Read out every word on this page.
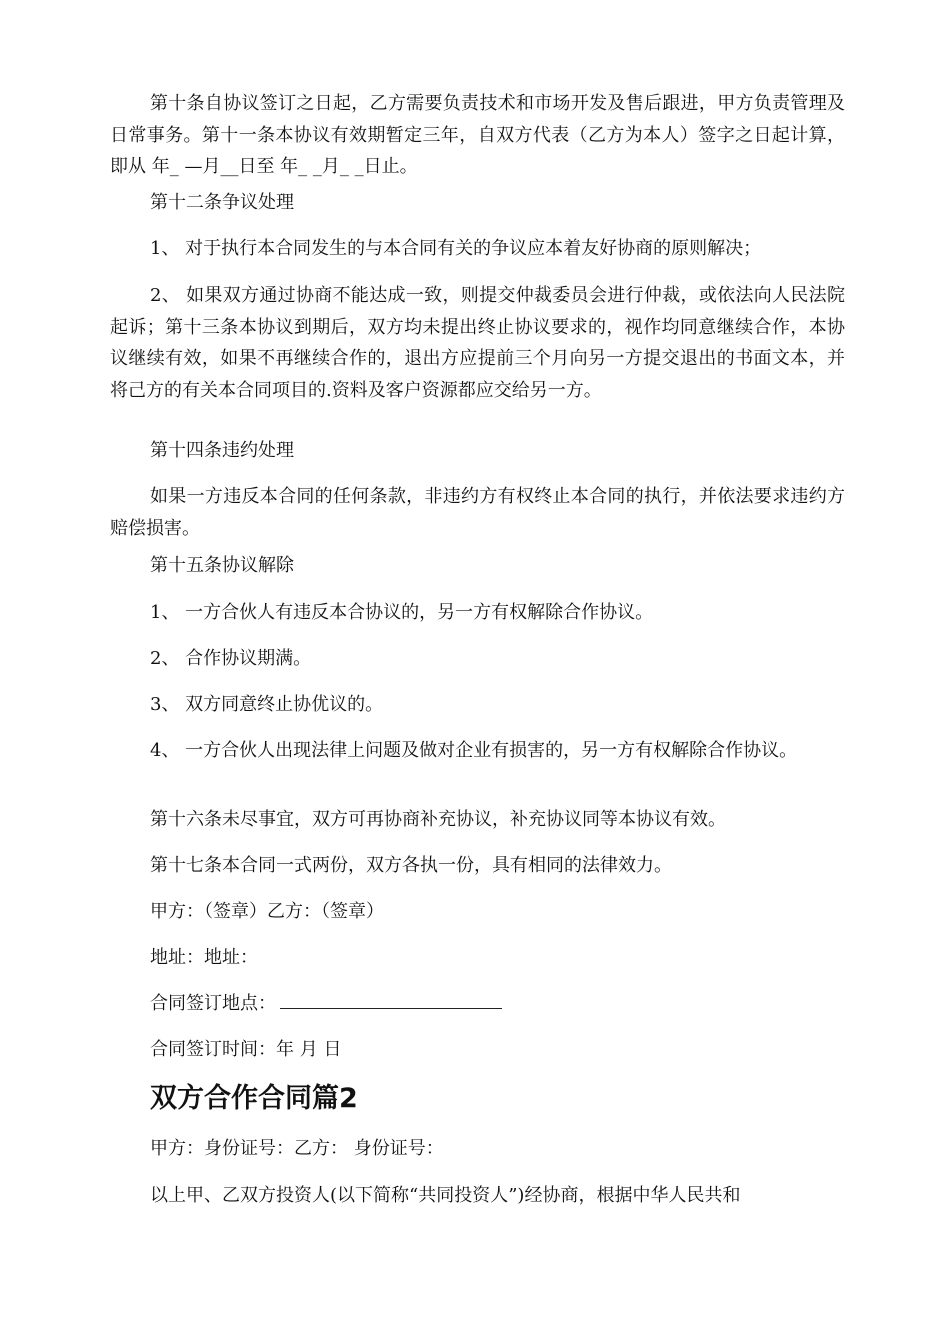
第十条自协议签订之日起，乙方需要负责技术和市场开发及售后跟进，甲方负责管理及日常事务。第十一条本协议有效期暂定三年，自双方代表（乙方为本人）签字之日起计算，即从 年_ —月__日至 年_ _月_ _日止。
第十二条争议处理
1、 对于执行本合同发生的与本合同有关的争议应本着友好协商的原则解决；
2、 如果双方通过协商不能达成一致，则提交仲裁委员会进行仲裁，或依法向人民法院起诉；第十三条本协议到期后，双方均未提出终止协议要求的，视作均同意继续合作，本协议继续有效，如果不再继续合作的，退出方应提前三个月向另一方提交退出的书面文本，并将己方的有关本合同项目的.资料及客户资源都应交给另一方。
第十四条违约处理
如果一方违反本合同的任何条款，非违约方有权终止本合同的执行，并依法要求违约方赔偿损害。
第十五条协议解除
1、 一方合伙人有违反本合协议的，另一方有权解除合作协议。
2、 合作协议期满。
3、 双方同意终止协优议的。
4、 一方合伙人出现法律上问题及做对企业有损害的，另一方有权解除合作协议。
第十六条未尽事宜，双方可再协商补充协议，补充协议同等本协议有效。
第十七条本合同一式两份，双方各执一份，具有相同的法律效力。
甲方：（签章）乙方：（签章）
地址：地址：
合同签订地点：
合同签订时间：年 月 日
双方合作合同篇2
甲方：身份证号：乙方： 身份证号：
以上甲、乙双方投资人(以下简称“共同投资人”)经协商，根据中华人民共和
